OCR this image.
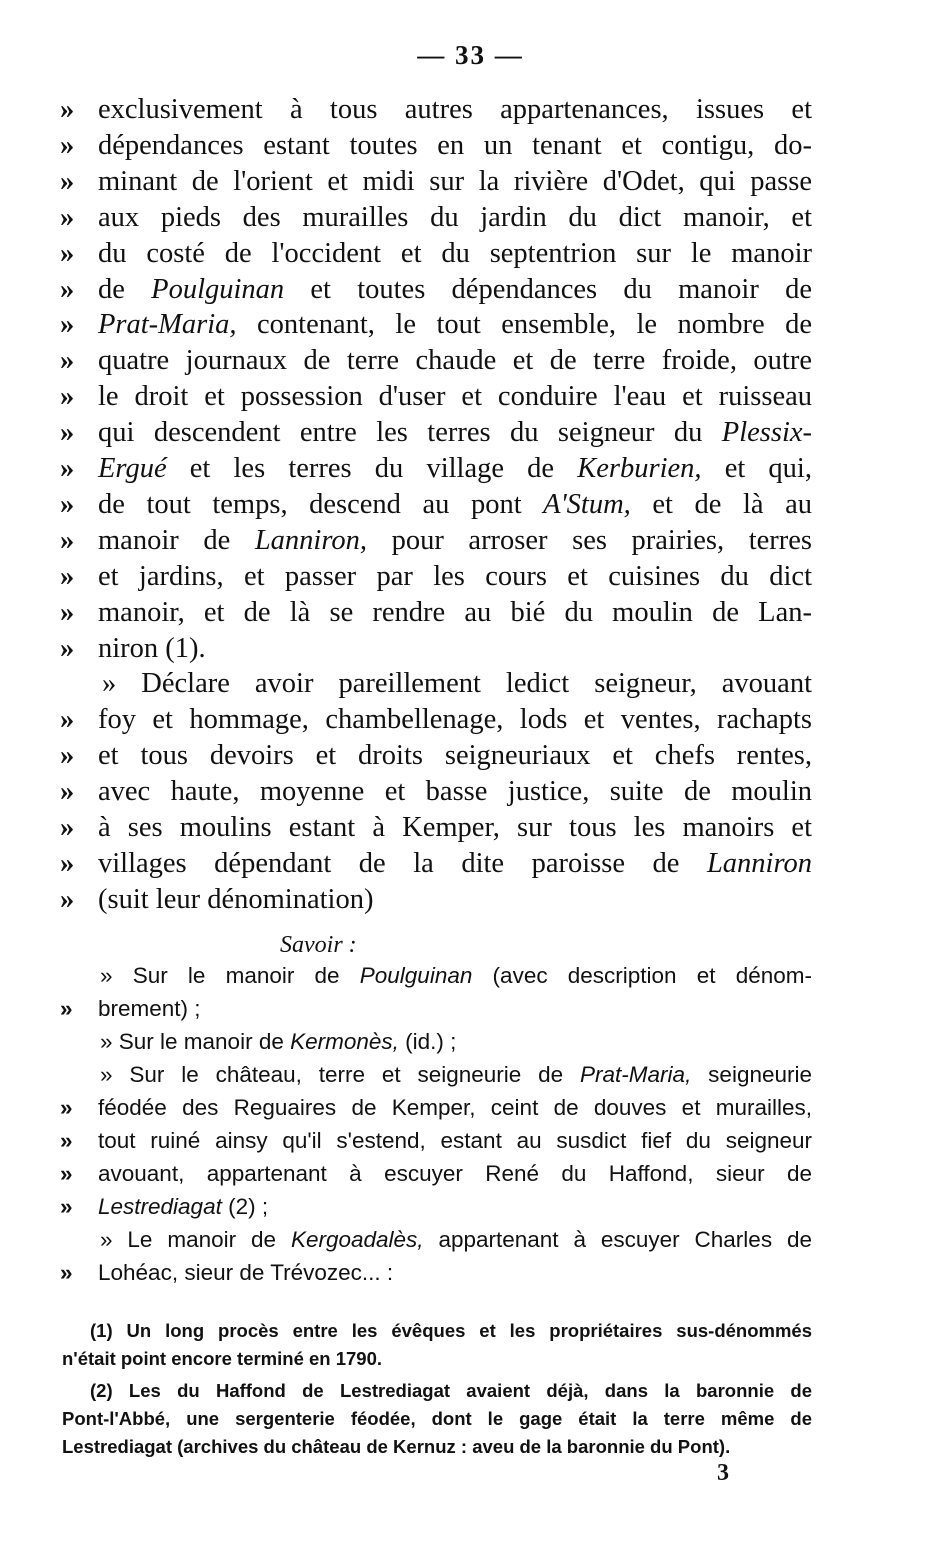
— 33 —
» exclusivement à tous autres appartenances, issues et
» dépendances estant toutes en un tenant et contigu, do-
» minant de l'orient et midi sur la rivière d'Odet, qui passe
» aux pieds des murailles du jardin du dict manoir, et
» du costé de l'occident et du septentrion sur le manoir
» de Poulguinan et toutes dépendances du manoir de
» Prat-Maria, contenant, le tout ensemble, le nombre de
» quatre journaux de terre chaude et de terre froide, outre
» le droit et possession d'user et conduire l'eau et ruisseau
» qui descendent entre les terres du seigneur du Plessix-
» Ergué et les terres du village de Kerburien, et qui,
» de tout temps, descend au pont A'Stum, et de là au
» manoir de Lanniron, pour arroser ses prairies, terres
» et jardins, et passer par les cours et cuisines du dict
» manoir, et de là se rendre au bié du moulin de Lan-
» niron (1).
» Déclare avoir pareillement ledict seigneur, avouant
» foy et hommage, chambellenage, lods et ventes, rachapts
» et tous devoirs et droits seigneuriaux et chefs rentes,
» avec haute, moyenne et basse justice, suite de moulin
» à ses moulins estant à Kemper, sur tous les manoirs et
» villages dépendant de la dite paroisse de Lanniron
» (suit leur dénomination)
Savoir :
» Sur le manoir de Poulguinan (avec description et dénom-
»	brement) ;
» Sur le manoir de Kermonès, (id.) ;
» Sur le château, terre et seigneurie de Prat-Maria, seigneurie
»	féodée des Reguaires de Kemper, ceint de douves et murailles,
»	tout ruiné ainsy qu'il s'estend, estant au susdict fief du seigneur
»	avouant, appartenant à escuyer René du Haffond, sieur de
»	Lestrediagat (2) ;
» Le manoir de Kergoadalès, appartenant à escuyer Charles de
»	Lohéac, sieur de Trévozec... :
(1) Un long procès entre les évêques et les propriétaires sus-dénommés
n'était point encore terminé en 1790.
(2) Les du Haffond de Lestrediagat avaient déjà, dans la baronnie de
Pont-l'Abbé, une sergenterie féodée, dont le gage était la terre même de
Lestrediagat (archives du château de Kernuz : aveu de la baronnie du Pont).
3
